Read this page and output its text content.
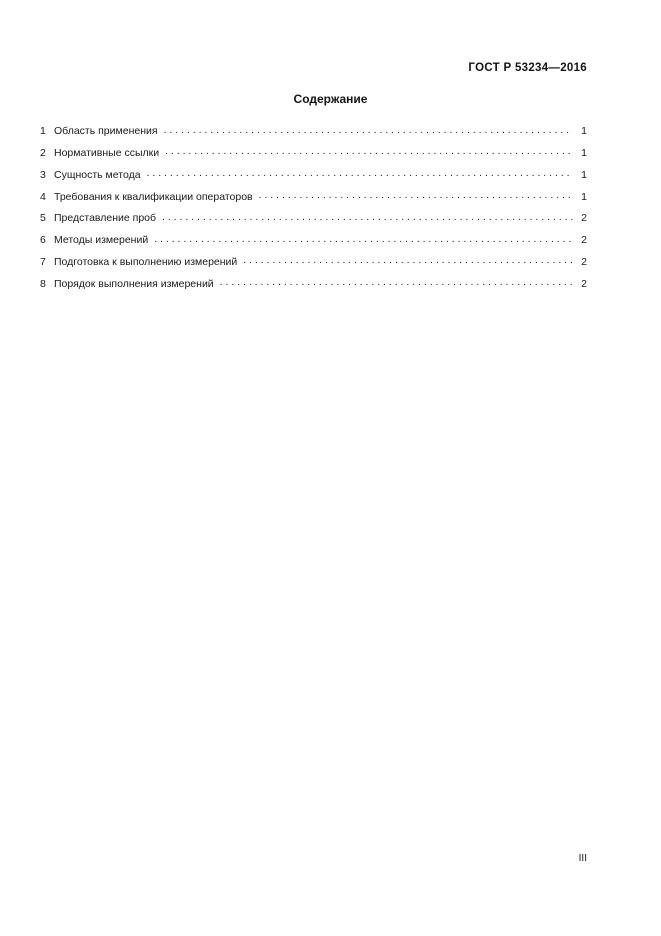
ГОСТ Р 53234—2016
Содержание
1 Область применения . . .	1
2 Нормативные ссылки . . .	1
3 Сущность метода . . .	1
4 Требования к квалификации операторов . . .	1
5 Представление проб . . .	2
6 Методы измерений . . .	2
7 Подготовка к выполнению измерений . . .	2
8 Порядок выполнения измерений . . .	2
III
